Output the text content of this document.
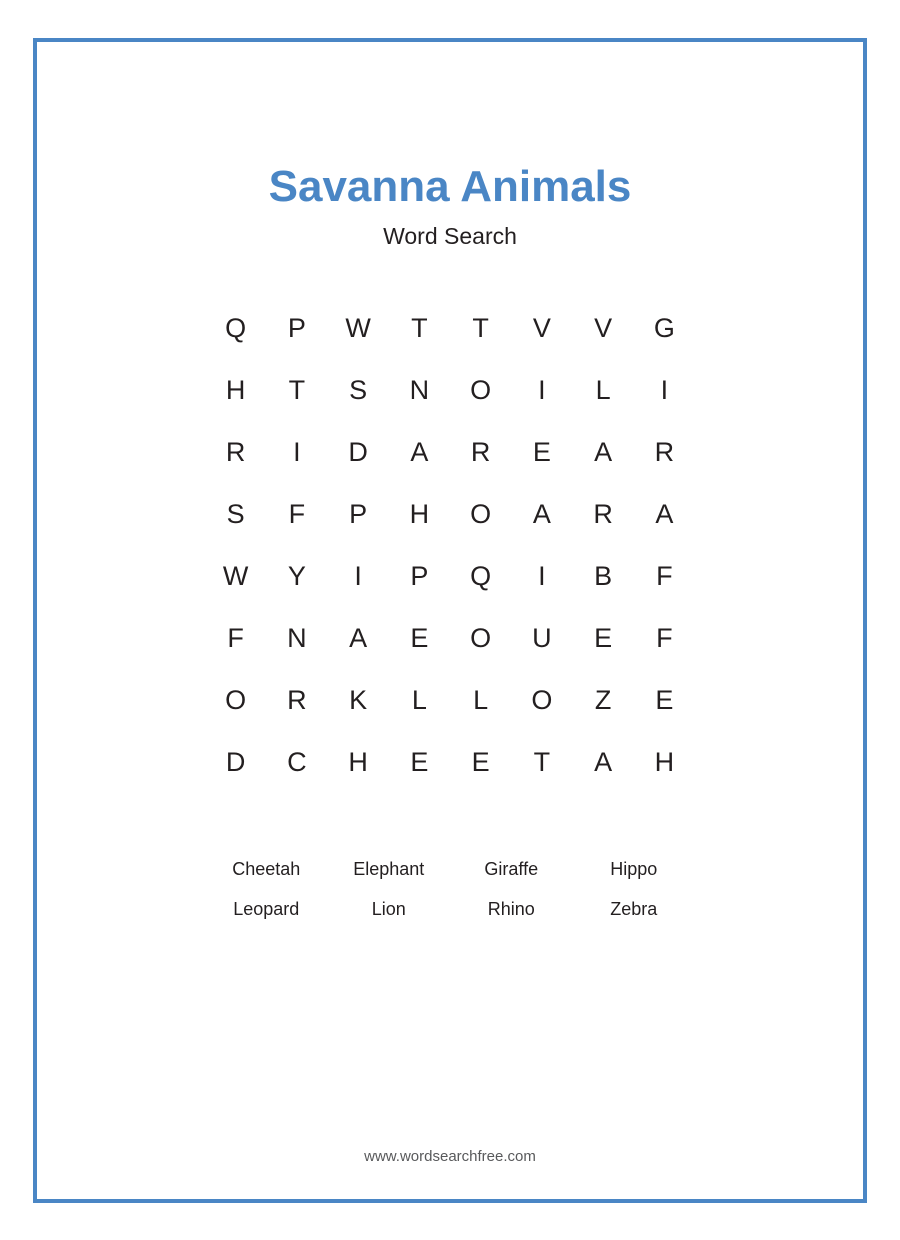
Savanna Animals
Word Search
Q	P	W	T	T	V	V	G
H	T	S	N	O	I	L	I
R	I	D	A	R	E	A	R
S	F	P	H	O	A	R	A
W	Y	I	P	Q	I	B	F
F	N	A	E	O	U	E	F
O	R	K	L	L	O	Z	E
D	C	H	E	E	T	A	H
Cheetah	Elephant	Giraffe	Hippo
Leopard	Lion	Rhino	Zebra
www.wordsearchfree.com
